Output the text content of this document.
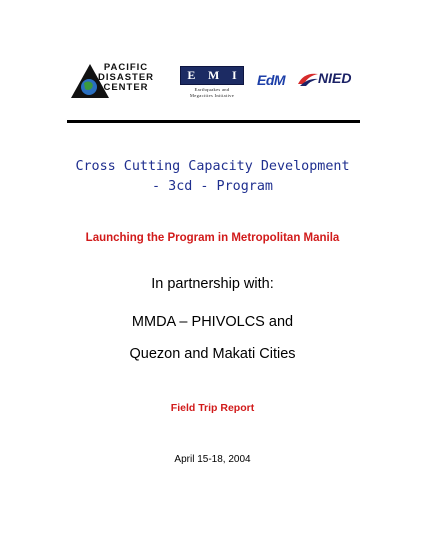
PACIFIC
DISASTER
CENTER
E M I
Earthquakes and
Megacities Initiative
EdM NIED
Cross Cutting Capacity Development
- 3cd - Program
Launching the Program in Metropolitan Manila
In partnership with:
MMDA – PHIVOLCS and
Quezon and Makati Cities
Field Trip Report
April 15-18, 2004
